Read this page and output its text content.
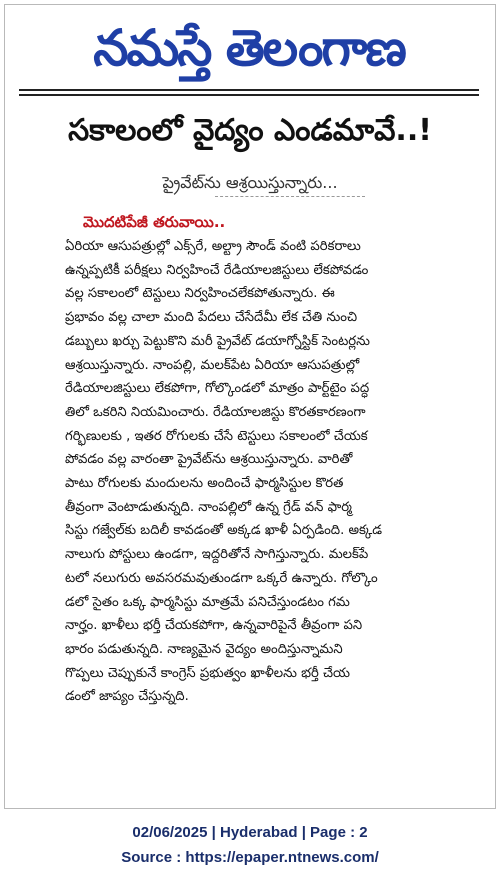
నమస్తే తెలంగాణ
సకాలంలో వైద్యం ఎండమావే..!
ప్రైవేట్‌ను ఆశ్రయిస్తున్నారు...
మొదటిపేజీ తరువాయి..
ఏరియా ఆసుపత్రుల్లో ఎక్స్‌రే, అల్ట్రా సౌండ్ వంటి పరికరాలు
ఉన్నప్పటికీ పరీక్షలు నిర్వహించే రేడియాలజిస్టులు లేకపోవడం
వల్ల సకాలంలో టెస్టులు నిర్వహించలేకపోతున్నారు. ఈ
ప్రభావం వల్ల చాలా మంది పేదలు చేసేదేమీ లేక చేతి నుంచి
డబ్బులు ఖర్చు పెట్టుకొని మరీ ప్రైవేట్ డయాగ్నోస్టిక్ సెంటర్లను
ఆశ్రయిస్తున్నారు. నాంపల్లి, మలక్‌పేట ఏరియా ఆసుపత్రుల్లో
రేడియాలజిస్టులు లేకపోగా, గోల్కొండలో మాత్రం పార్ట్‌టైం పద్ధ
తిలో ఒకరిని నియమించారు. రేడియాలజిస్టు కొరతకారణంగా
గర్భిణులకు , ఇతర రోగులకు చేసే టెస్టులు సకాలంలో చేయక
పోవడం వల్ల వారంతా ప్రైవేట్‌ను ఆశ్రయిస్తున్నారు. వారితో
పాటు రోగులకు మందులను అందించే ఫార్మసిస్టుల కొరత
తీవ్రంగా వెంటాడుతున్నది. నాంపల్లిలో ఉన్న గ్రేడ్ వన్ ఫార్మ
సిస్టు గజ్వేల్‌కు బదిలీ కావడంతో అక్కడ ఖాళీ ఏర్పడింది. అక్కడ
నాలుగు పోస్టులు ఉండగా, ఇద్దరితోనే సాగిస్తున్నారు. మలక్‌పే
టలో నలుగురు అవసరమవుతుండగా ఒక్కరే ఉన్నారు. గోల్కొం
డలో సైతం ఒక్క ఫార్మసిస్టు మాత్రమే పనిచేస్తుండటం గమ
నార్హం. ఖాళీలు భర్తీ చేయకపోగా, ఉన్నవారిపైనే తీవ్రంగా పని
భారం పడుతున్నది. నాణ్యమైన వైద్యం అందిస్తున్నామని
గొప్పలు చెప్పుకునే కాంగ్రెస్ ప్రభుత్వం ఖాళీలను భర్తీ చేయ
డంలో జాప్యం చేస్తున్నది.
02/06/2025 | Hyderabad | Page : 2
Source : https://epaper.ntnews.com/
